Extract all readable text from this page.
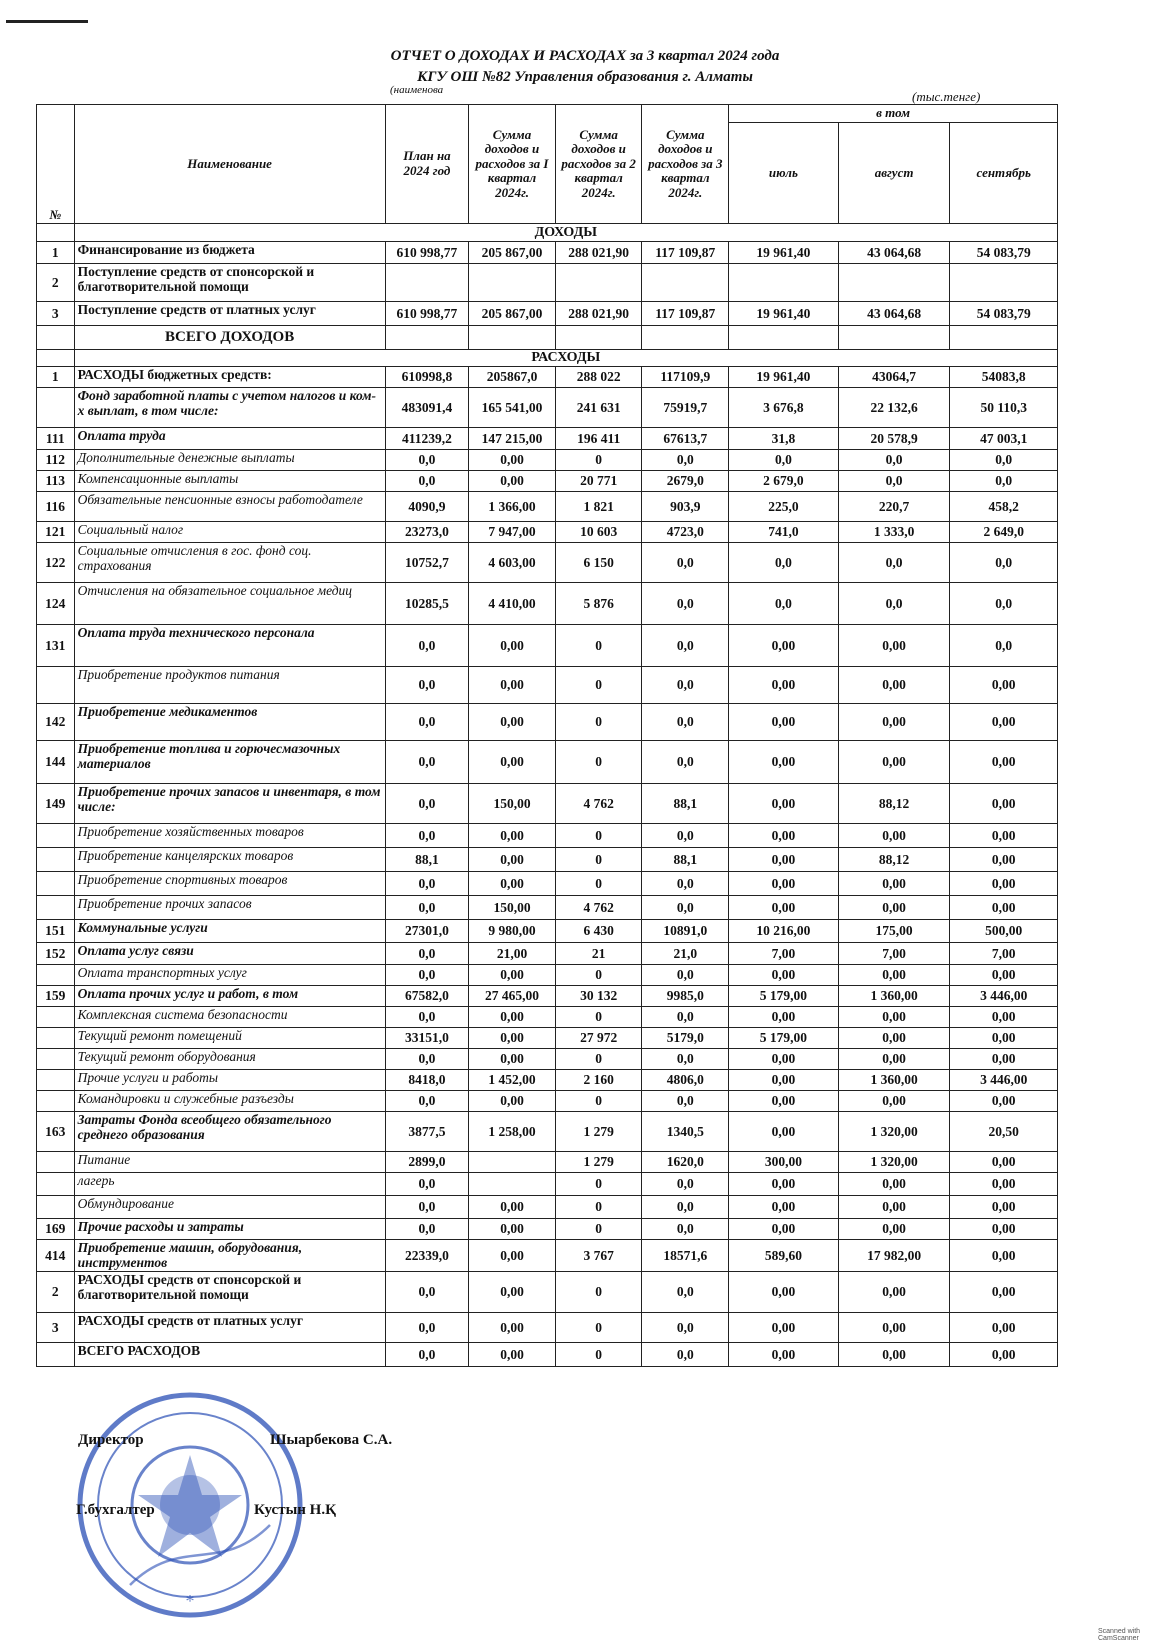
ОТЧЕТ О ДОХОДАХ И РАСХОДАХ за 3 квартал 2024 года
КГУ ОШ №82 Управления образования г. Алматы
(наименова	(тыс.тенге)
№	Наименование	План на 2024 год	Сумма доходов и расходов за I квартал 2024г.	Сумма доходов и расходов за 2 квартал 2024г.	Сумма доходов и расходов за 3 квартал 2024г.	в том		
						июль	август	сентябрь
	ДОХОДЫ							
1	Финансирование из бюджета	610 998,77	205 867,00	288 021,90	117 109,87	19 961,40	43 064,68	54 083,79
2	Поступление средств от спонсорской и благотворительной помощи							
3	Поступление средств от платных услуг	610 998,77	205 867,00	288 021,90	117 109,87	19 961,40	43 064,68	54 083,79
	ВСЕГО ДОХОДОВ							
	РАСХОДЫ							
1	РАСХОДЫ бюджетных средств:	610998,8	205867,0	288 022	117109,9	19 961,40	43064,7	54083,8
	Фонд заработной платы с учетом налогов и ком-х выплат, в том числе:	483091,4	165 541,00	241 631	75919,7	3 676,8	22 132,6	50 110,3
111	Оплата труда	411239,2	147 215,00	196 411	67613,7	31,8	20 578,9	47 003,1
112	Дополнительные денежные выплаты	0,0	0,00	0	0,0	0,0	0,0	0,0
113	Компенсационные выплаты	0,0	0,00	20 771	2679,0	2 679,0	0,0	0,0
116	Обязательные пенсионные взносы работодателе	4090,9	1 366,00	1 821	903,9	225,0	220,7	458,2
121	Социальный налог	23273,0	7 947,00	10 603	4723,0	741,0	1 333,0	2 649,0
122	Социальные отчисления в гос. фонд соц. страхования	10752,7	4 603,00	6 150	0,0	0,0	0,0	0,0
124	Отчисления на обязательное социальное медиц	10285,5	4 410,00	5 876	0,0	0,0	0,0	0,0
131	Оплата труда технического персонала	0,0	0,00	0	0,0	0,00	0,00	0,0
	Приобретение продуктов питания	0,0	0,00	0	0,0	0,00	0,00	0,00
142	Приобретение медикаментов	0,0	0,00	0	0,0	0,00	0,00	0,00
144	Приобретение топлива и горючесмазочных материалов	0,0	0,00	0	0,0	0,00	0,00	0,00
149	Приобретение прочих запасов и инвентаря, в том числе:	0,0	150,00	4 762	88,1	0,00	88,12	0,00
	Приобретение хозяйственных товаров	0,0	0,00	0	0,0	0,00	0,00	0,00
	Приобретение канцелярских товаров	88,1	0,00	0	88,1	0,00	88,12	0,00
	Приобретение спортивных товаров	0,0	0,00	0	0,0	0,00	0,00	0,00
	Приобретение прочих запасов	0,0	150,00	4 762	0,0	0,00	0,00	0,00
151	Коммунальные услуги	27301,0	9 980,00	6 430	10891,0	10 216,00	175,00	500,00
152	Оплата услуг связи	0,0	21,00	21	21,0	7,00	7,00	7,00
	Оплата транспортных услуг	0,0	0,00	0	0,0	0,00	0,00	0,00
159	Оплата прочих услуг и работ, в том	67582,0	27 465,00	30 132	9985,0	5 179,00	1 360,00	3 446,00
	Комплексная система безопасности	0,0	0,00	0	0,0	0,00	0,00	0,00
	Текущий ремонт помещений	33151,0	0,00	27 972	5179,0	5 179,00	0,00	0,00
	Текущий ремонт оборудования	0,0	0,00	0	0,0	0,00	0,00	0,00
	Прочие услуги и работы	8418,0	1 452,00	2 160	4806,0	0,00	1 360,00	3 446,00
	Командировки и служебные разъезды	0,0	0,00	0	0,0	0,00	0,00	0,00
163	Затраты Фонда всеобщего обязательного среднего образования	3877,5	1 258,00	1 279	1340,5	0,00	1 320,00	20,50
	Питание	2899,0		1 279	1620,0	300,00	1 320,00	0,00
	лагерь	0,0		0	0,0	0,00	0,00	0,00
	Обмундирование	0,0	0,00	0	0,0	0,00	0,00	0,00
169	Прочие расходы и затраты	0,0	0,00	0	0,0	0,00	0,00	0,00
414	Приобретение машин, оборудования, инструментов	22339,0	0,00	3 767	18571,6	589,60	17 982,00	0,00
2	РАСХОДЫ средств от спонсорской и благотворительной помощи	0,0	0,00	0	0,0	0,00	0,00	0,00
3	РАСХОДЫ средств от платных услуг	0,0	0,00	0	0,0	0,00	0,00	0,00
	ВСЕГО РАСХОДОВ	0,0	0,00	0	0,0	0,00	0,00	0,00
*
Директор	Шыарбекова С.А.
Г.бухгалтер	Кустын Н.Қ
Scanned with CamScanner
